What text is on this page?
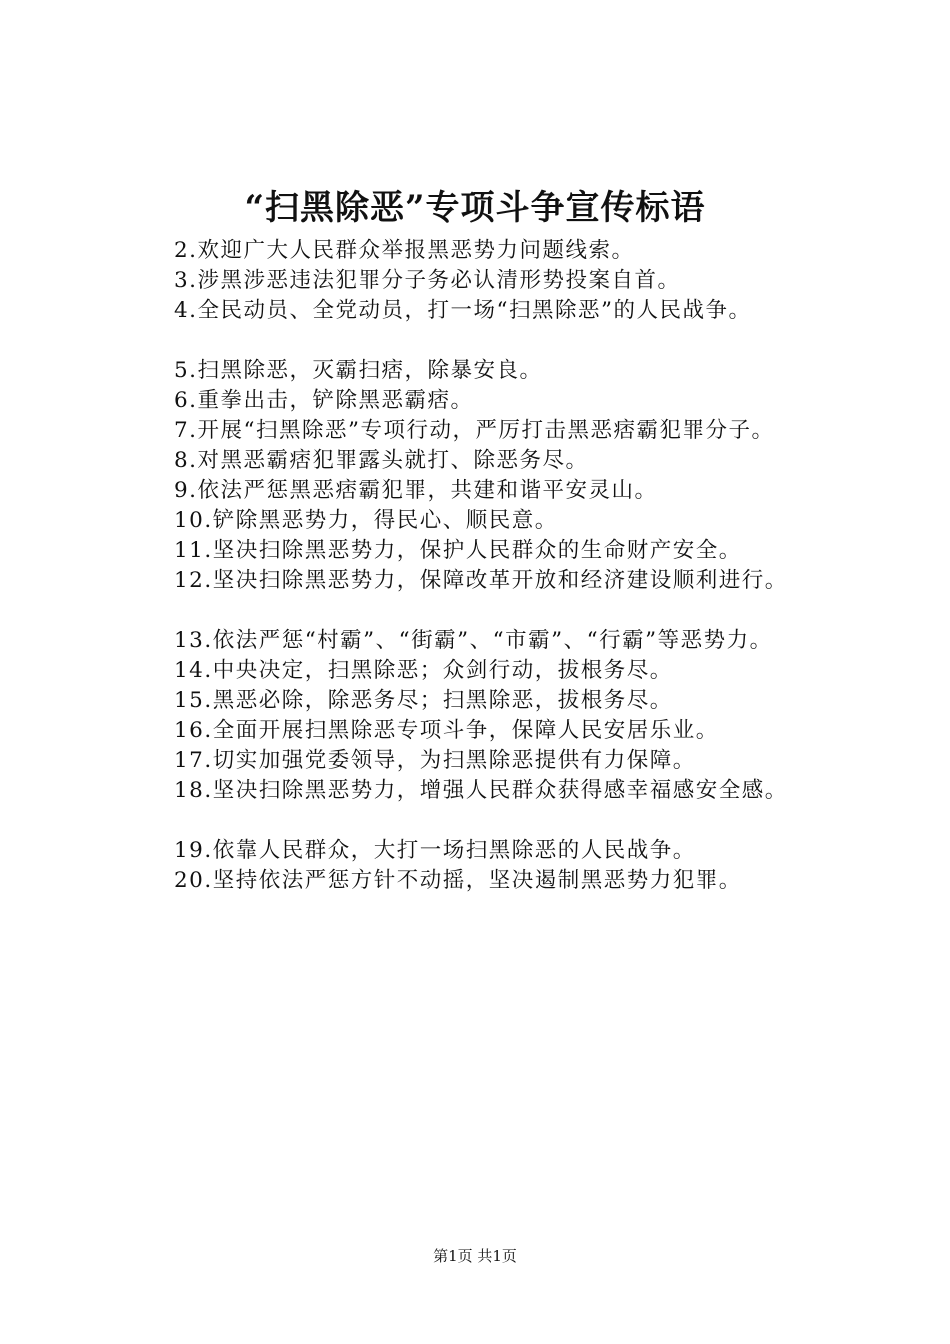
“扫黑除恶”专项斗争宣传标语

2.欢迎广大人民群众举报黑恶势力问题线索。

3.涉黑涉恶违法犯罪分子务必认清形势投案自首。

4.全民动员、全党动员，打一场“扫黑除恶”的人民战争。

5.扫黑除恶，灭霸扫痞，除暴安良。

6.重拳出击，铲除黑恶霸痞。

7.开展“扫黑除恶”专项行动，严厉打击黑恶痞霸犯罪分子。

8.对黑恶霸痞犯罪露头就打、除恶务尽。

9.依法严惩黑恶痞霸犯罪，共建和谐平安灵山。

10.铲除黑恶势力，得民心、顺民意。

11.坚决扫除黑恶势力，保护人民群众的生命财产安全。

12.坚决扫除黑恶势力，保障改革开放和经济建设顺利进行。

13.依法严惩“村霸”、“街霸”、“市霸”、“行霸”等恶势力。

14.中央决定，扫黑除恶；众剑行动，拔根务尽。

15.黑恶必除，除恶务尽；扫黑除恶，拔根务尽。

16.全面开展扫黑除恶专项斗争，保障人民安居乐业。

17.切实加强党委领导，为扫黑除恶提供有力保障。

18.坚决扫除黑恶势力，增强人民群众获得感幸福感安全感。

19.依靠人民群众，大打一场扫黑除恶的人民战争。

20.坚持依法严惩方针不动摇，坚决遏制黑恶势力犯罪。

第1页 共1页
